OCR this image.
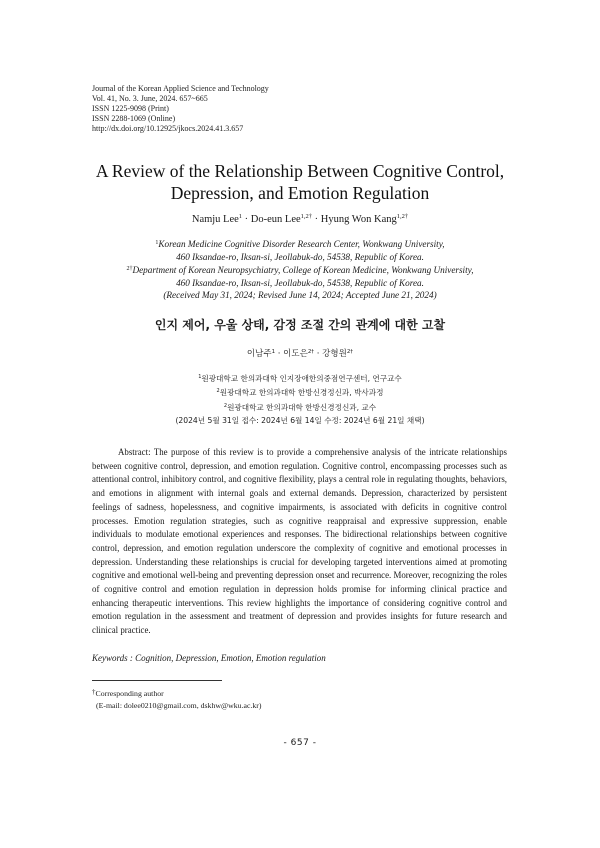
Journal of the Korean Applied Science and Technology
Vol. 41, No. 3. June, 2024. 657~665
ISSN 1225-9098 (Print)
ISSN 2288-1069 (Online)
http://dx.doi.org/10.12925/jkocs.2024.41.3.657
A Review of the Relationship Between Cognitive Control,
Depression, and Emotion Regulation
Namju Lee$^1$ · Do-eun Lee$^{1,2\dagger}$ · Hyung Won Kang$^{1,2\dagger}$
$^1$Korean Medicine Cognitive Disorder Research Center, Wonkwang University,
460 Iksandae-ro, Iksan-si, Jeollabuk-do, 54538, Republic of Korea.
$^{2\dagger}$Department of Korean Neuropsychiatry, College of Korean Medicine, Wonkwang University,
460 Iksandae-ro, Iksan-si, Jeollabuk-do, 54538, Republic of Korea.
(Received May 31, 2024; Revised June 14, 2024; Accepted June 21, 2024)
인지 제어, 우울 상태, 감정 조절 간의 관계에 대한 고찰
이남주$^1$ · 이도은$^{2\dagger}$ · 강형원$^{2\dagger}$
$^1$원광대학교 한의과대학 인지장애한의중점연구센터, 연구교수
$^2$원광대학교 한의과대학 한방신경정신과, 박사과정
$^2$원광대학교 한의과대학 한방신경정신과, 교수
(2024년 5월 31일 접수: 2024년 6월 14일 수정: 2024년 6월 21일 채택)
Abstract: The purpose of this review is to provide a comprehensive analysis of the intricate relationships between cognitive control, depression, and emotion regulation. Cognitive control, encompassing processes such as attentional control, inhibitory control, and cognitive flexibility, plays a central role in regulating thoughts, behaviors, and emotions in alignment with internal goals and external demands. Depression, characterized by persistent feelings of sadness, hopelessness, and cognitive impairments, is associated with deficits in cognitive control processes. Emotion regulation strategies, such as cognitive reappraisal and expressive suppression, enable individuals to modulate emotional experiences and responses. The bidirectional relationships between cognitive control, depression, and emotion regulation underscore the complexity of cognitive and emotional processes in depression. Understanding these relationships is crucial for developing targeted interventions aimed at promoting cognitive and emotional well-being and preventing depression onset and recurrence. Moreover, recognizing the roles of cognitive control and emotion regulation in depression holds promise for informing clinical practice and enhancing therapeutic interventions. This review highlights the importance of considering cognitive control and emotion regulation in the assessment and treatment of depression and provides insights for future research and clinical practice.
Keywords : Cognition, Depression, Emotion, Emotion regulation
†Corresponding author
(E-mail: dolee0210@gmail.com, dskhw@wku.ac.kr)
- 657 -
